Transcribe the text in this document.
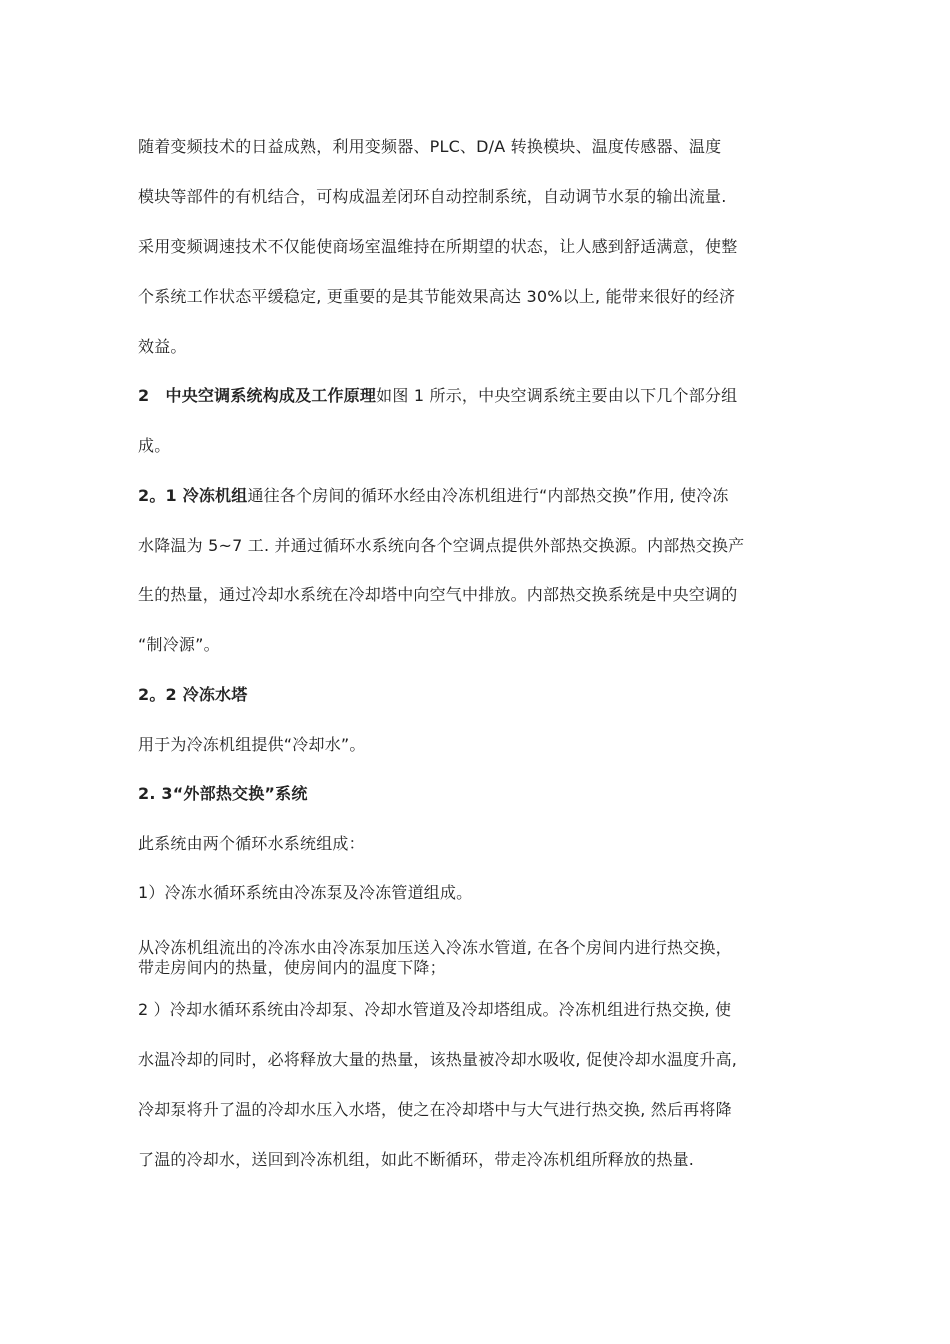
随着变频技术的日益成熟，利用变频器、PLC、D/A 转换模块、温度传感器、温度
模块等部件的有机结合，可构成温差闭环自动控制系统，自动调节水泵的输出流量.
采用变频调速技术不仅能使商场室温维持在所期望的状态，让人感到舒适满意，使整
个系统工作状态平缓稳定, 更重要的是其节能效果高达 30%以上, 能带来很好的经济
效益。
2　中央空调系统构成及工作原理如图 1 所示，中央空调系统主要由以下几个部分组
成。
2。1 冷冻机组通往各个房间的循环水经由冷冻机组进行“内部热交换”作用, 使冷冻
水降温为 5~7 工. 并通过循环水系统向各个空调点提供外部热交换源。内部热交换产
生的热量，通过冷却水系统在冷却塔中向空气中排放。内部热交换系统是中央空调的
“制冷源”。
2。2 冷冻水塔
用于为冷冻机组提供“冷却水”。
2. 3“外部热交换”系统
此系统由两个循环水系统组成：
1）冷冻水循环系统由冷冻泵及冷冻管道组成。
从冷冻机组流出的冷冻水由冷冻泵加压送入冷冻水管道, 在各个房间内进行热交换，
带走房间内的热量，使房间内的温度下降；
2 ）冷却水循环系统由冷却泵、冷却水管道及冷却塔组成。冷冻机组进行热交换, 使
水温冷却的同时，必将释放大量的热量，该热量被冷却水吸收, 促使冷却水温度升高,
冷却泵将升了温的冷却水压入水塔，使之在冷却塔中与大气进行热交换, 然后再将降
了温的冷却水，送回到冷冻机组，如此不断循环，带走冷冻机组所释放的热量.
